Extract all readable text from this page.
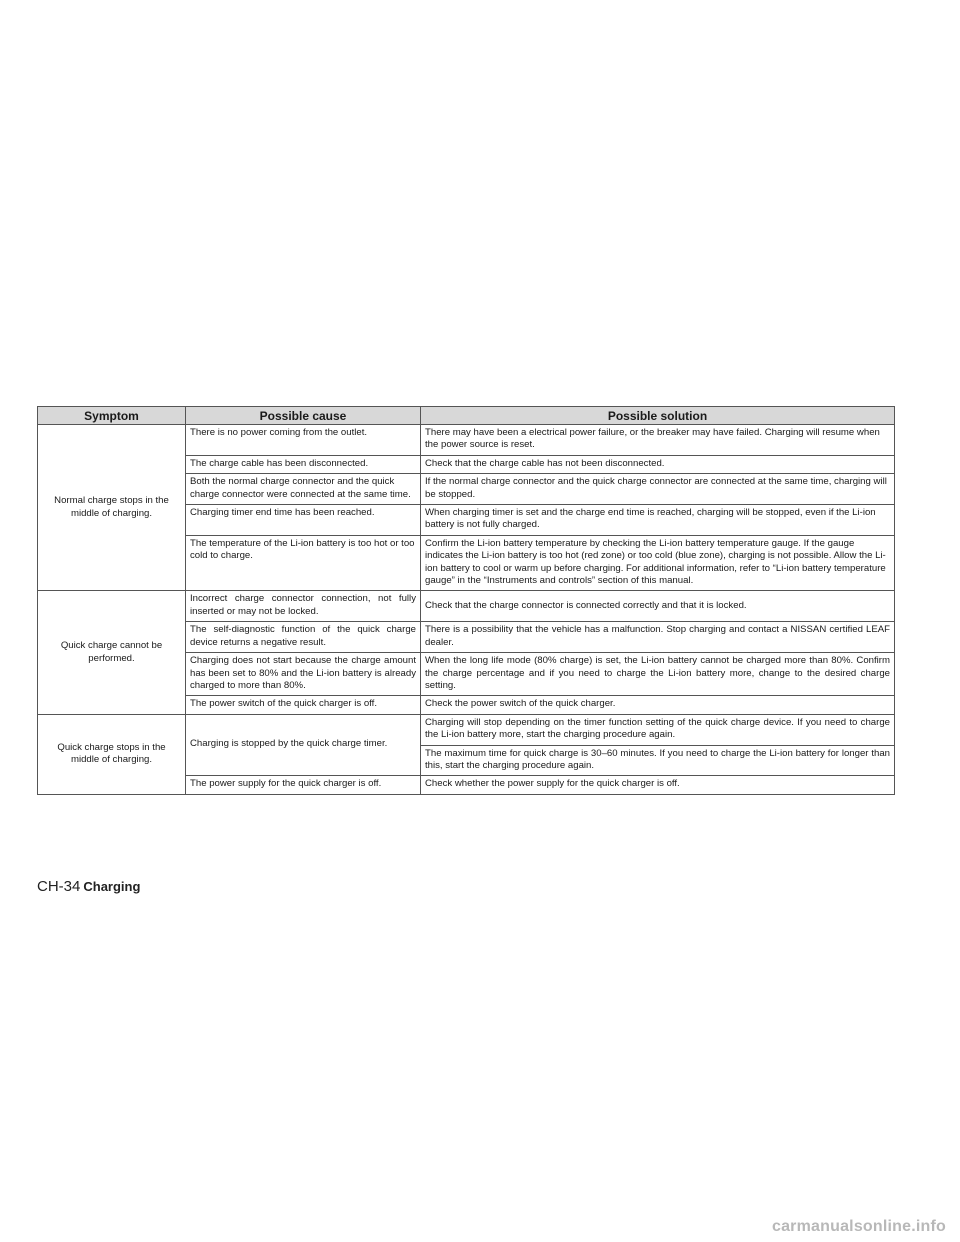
Symptom	Possible cause	Possible solution
Normal charge stops in the middle of charging.	There is no power coming from the outlet.	There may have been a electrical power failure, or the breaker may have failed. Charging will resume when the power source is reset.
	The charge cable has been disconnected.	Check that the charge cable has not been disconnected.
	Both the normal charge connector and the quick charge connector were connected at the same time.	If the normal charge connector and the quick charge connector are connected at the same time, charging will be stopped.
	Charging timer end time has been reached.	When charging timer is set and the charge end time is reached, charging will be stopped, even if the Li-ion battery is not fully charged.
	The temperature of the Li-ion battery is too hot or too cold to charge.	Confirm the Li-ion battery temperature by checking the Li-ion battery temperature gauge. If the gauge indicates the Li-ion battery is too hot (red zone) or too cold (blue zone), charging is not possible. Allow the Li-ion battery to cool or warm up before charging. For additional information, refer to “Li-ion battery temperature gauge” in the “Instruments and controls” section of this manual.
Quick charge cannot be performed.	Incorrect charge connector connection, not fully inserted or may not be locked.	Check that the charge connector is connected correctly and that it is locked.
	The self-diagnostic function of the quick charge device returns a negative result.	There is a possibility that the vehicle has a malfunction. Stop charging and contact a NISSAN certified LEAF dealer.
	Charging does not start because the charge amount has been set to 80% and the Li-ion battery is already charged to more than 80%.	When the long life mode (80% charge) is set, the Li-ion battery cannot be charged more than 80%. Confirm the charge percentage and if you need to charge the Li-ion battery more, change to the desired charge setting.
	The power switch of the quick charger is off.	Check the power switch of the quick charger.
Quick charge stops in the middle of charging.	Charging is stopped by the quick charge timer.	Charging will stop depending on the timer function setting of the quick charge device. If you need to charge the Li-ion battery more, start the charging procedure again.
		The maximum time for quick charge is 30–60 minutes. If you need to charge the Li-ion battery for longer than this, start the charging procedure again.
	The power supply for the quick charger is off.	Check whether the power supply for the quick charger is off.
CH-34 Charging
carmanualsonline.info
